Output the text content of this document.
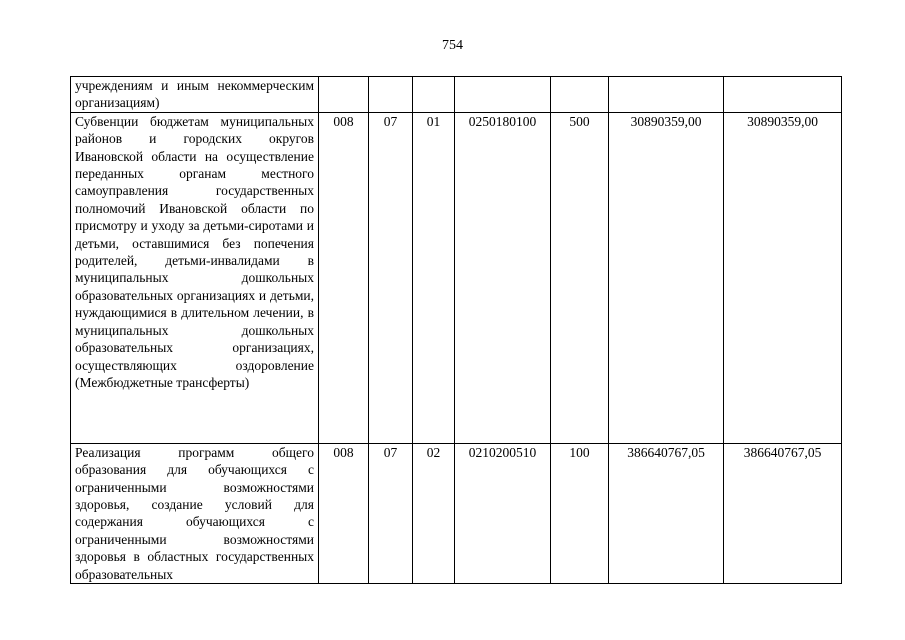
754
учреждениям и иным некоммерческим организациям)							
Субвенции бюджетам муниципальных районов и городских округов Ивановской области на осуществление переданных органам местного самоуправления государственных полномочий Ивановской области по присмотру и уходу за детьми-сиротами и детьми, оставшимися без попечения родителей, детьми-инвалидами в муниципальных дошкольных образовательных организациях и детьми, нуждающимися в длительном лечении, в муниципальных дошкольных образовательных организациях, осуществляющих оздоровление (Межбюджетные трансферты)	008	07	01	0250180100	500	30890359,00	30890359,00
Реализация программ общего образования для обучающихся с ограниченными возможностями здоровья, создание условий для содержания обучающихся с ограниченными возможностями здоровья в областных государственных образовательных	008	07	02	0210200510	100	386640767,05	386640767,05
